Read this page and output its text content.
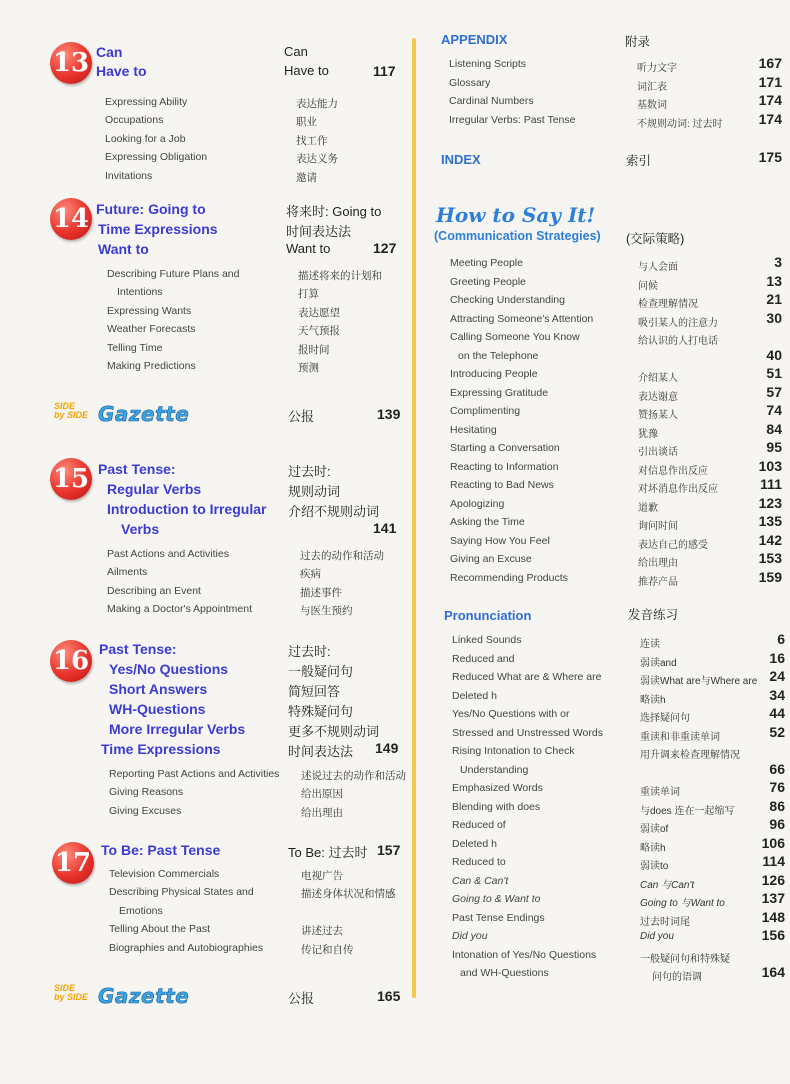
13 Can
Have to
Can
Have to	117
Expressing Ability	表达能力
Occupations	职业
Looking for a Job	找工作
Expressing Obligation	表达义务
Invitations	邀请
14 Future: Going to
Time Expressions
Want to
将来时: Going to
时间表达法
Want to	127
Describing Future Plans and	描述将来的计划和
Intentions	打算
Expressing Wants	表达愿望
Weather Forecasts	天气预报
Telling Time	报时间
Making Predictions	预测
15 Past Tense:
Regular Verbs
Introduction to Irregular
Verbs
过去时:
规则动词
介绍不规则动词
141
Past Actions and Activities	过去的动作和活动
Ailments	疾病
Describing an Event	描述事件
Making a Doctor's Appointment	与医生预约
16 Past Tense:
Yes/No Questions
Short Answers
WH-Questions
More Irregular Verbs
Time Expressions
过去时:
一般疑问句
简短回答
特殊疑问句
更多不规则动词
时间表达法 149
Reporting Past Actions and Activities 述说过去的动作和活动
Giving Reasons	给出原因
Giving Excuses	给出理由
17 To Be: Past Tense	To Be: 过去时 157
Television Commercials	电视广告
Describing Physical States and	描述身体状况和情感
Emotions
Telling About the Past	讲述过去
Biographies and Autobiographies	传记和自传
SIDE
by SIDE Gazette	公报	139
SIDE
by SIDE Gazette	公报	165
APPENDIX	附录
Listening Scripts	听力文字	167
Glossary	词汇表	171
Cardinal Numbers	基数词	174
Irregular Verbs: Past Tense	不规则动词: 过去时	174
INDEX	索引	175
How to Say It!
(Communication Strategies) (交际策略)
Meeting People	与人会面	3
Greeting People	问候	13
Checking Understanding	检查理解情况	21
Attracting Someone's Attention	吸引某人的注意力	30
Calling Someone You Know	给认识的人打电话
on the Telephone	40
Introducing People	介绍某人	51
Expressing Gratitude	表达谢意	57
Complimenting	赞扬某人	74
Hesitating	犹豫	84
Starting a Conversation	引出谈话	95
Reacting to Information	对信息作出反应	103
Reacting to Bad News	对坏消息作出反应	111
Apologizing	道歉	123
Asking the Time	询问时间	135
Saying How You Feel	表达自己的感受	142
Giving an Excuse	给出理由	153
Recommending Products	推荐产品	159
Pronunciation	发音练习
Linked Sounds	连读	6
Reduced and	弱读and	16
Reduced What are & Where are	弱读What are与Where are 24
Deleted h	略读h	34
Yes/No Questions with or	选择疑问句	44
Stressed and Unstressed Words	重读和非重读单词	52
Rising Intonation to Check	用升调来检查理解情况
Understanding	66
Emphasized Words	重读单词	76
Blending with does	与does 连在一起缩写	86
Reduced of	弱读of	96
Deleted h	略读h	106
Reduced to	弱读to	114
Can & Can't	Can 与Can't	126
Going to & Want to	Going to 与Want to	137
Past Tense Endings	过去时词尾	148
Did you	Did you	156
Intonation of Yes/No Questions	一般疑问句和特殊疑
and WH-Questions	问句的语调	164
